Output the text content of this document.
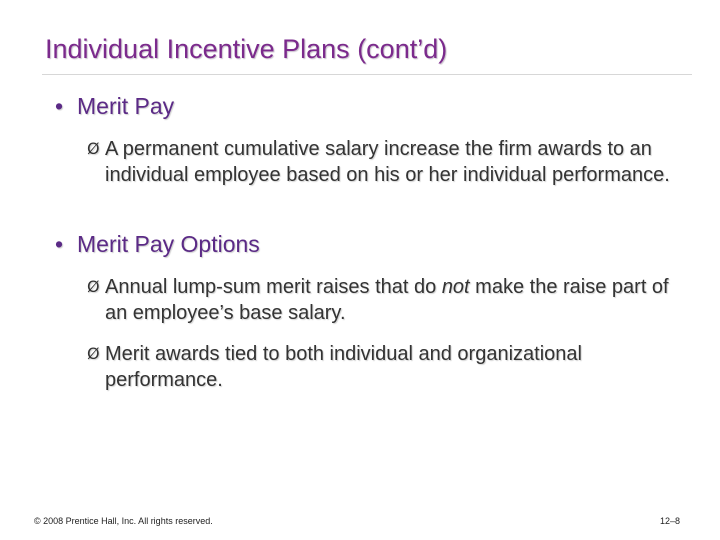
Individual Incentive Plans (cont’d)
• Merit Pay
Ø A permanent cumulative salary increase the firm awards to an individual employee based on his or her individual performance.
• Merit Pay Options
Ø Annual lump-sum merit raises that do not make the raise part of an employee’s base salary.
Ø Merit awards tied to both individual and organizational performance.
© 2008 Prentice Hall, Inc. All rights reserved.	12–8
